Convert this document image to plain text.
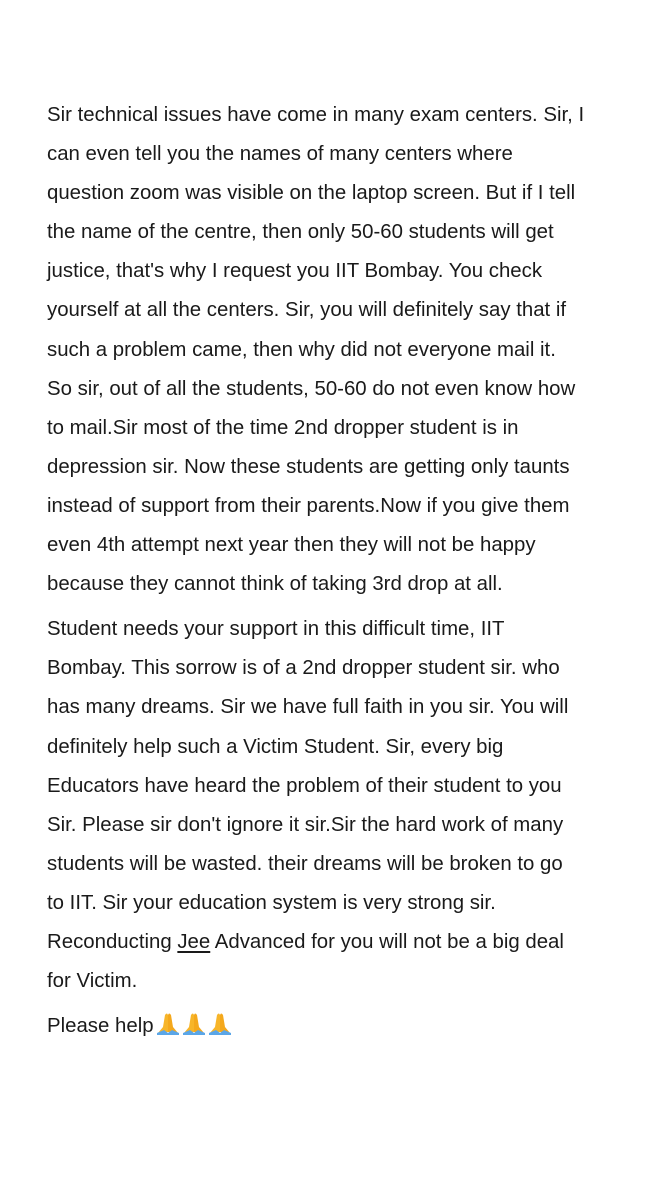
Sir technical issues have come in many exam centers. Sir, I
can even tell you the names of many centers where
question zoom was visible on the laptop screen. But if I tell
the name of the centre, then only 50-60 students will get
justice, that's why I request you IIT Bombay. You check
yourself at all the centers. Sir, you will definitely say that if
such a problem came, then why did not everyone mail it.
So sir, out of all the students, 50-60 do not even know how
to mail.Sir most of the time 2nd dropper student is in
depression sir. Now these students are getting only taunts
instead of support from their parents.Now if you give them
even 4th attempt next year then they will not be happy
because they cannot think of taking 3rd drop at all.

Student needs your support in this difficult time, IIT
Bombay. This sorrow is of a 2nd dropper student sir. who
has many dreams. Sir we have full faith in you sir. You will
definitely help such a Victim Student. Sir, every big
Educators have heard the problem of their student to you
Sir. Please sir don't ignore it sir.Sir the hard work of many
students will be wasted. their dreams will be broken to go
to IIT. Sir your education system is very strong sir.
Reconducting Jee Advanced for you will not be a big deal
for Victim.

Please help
